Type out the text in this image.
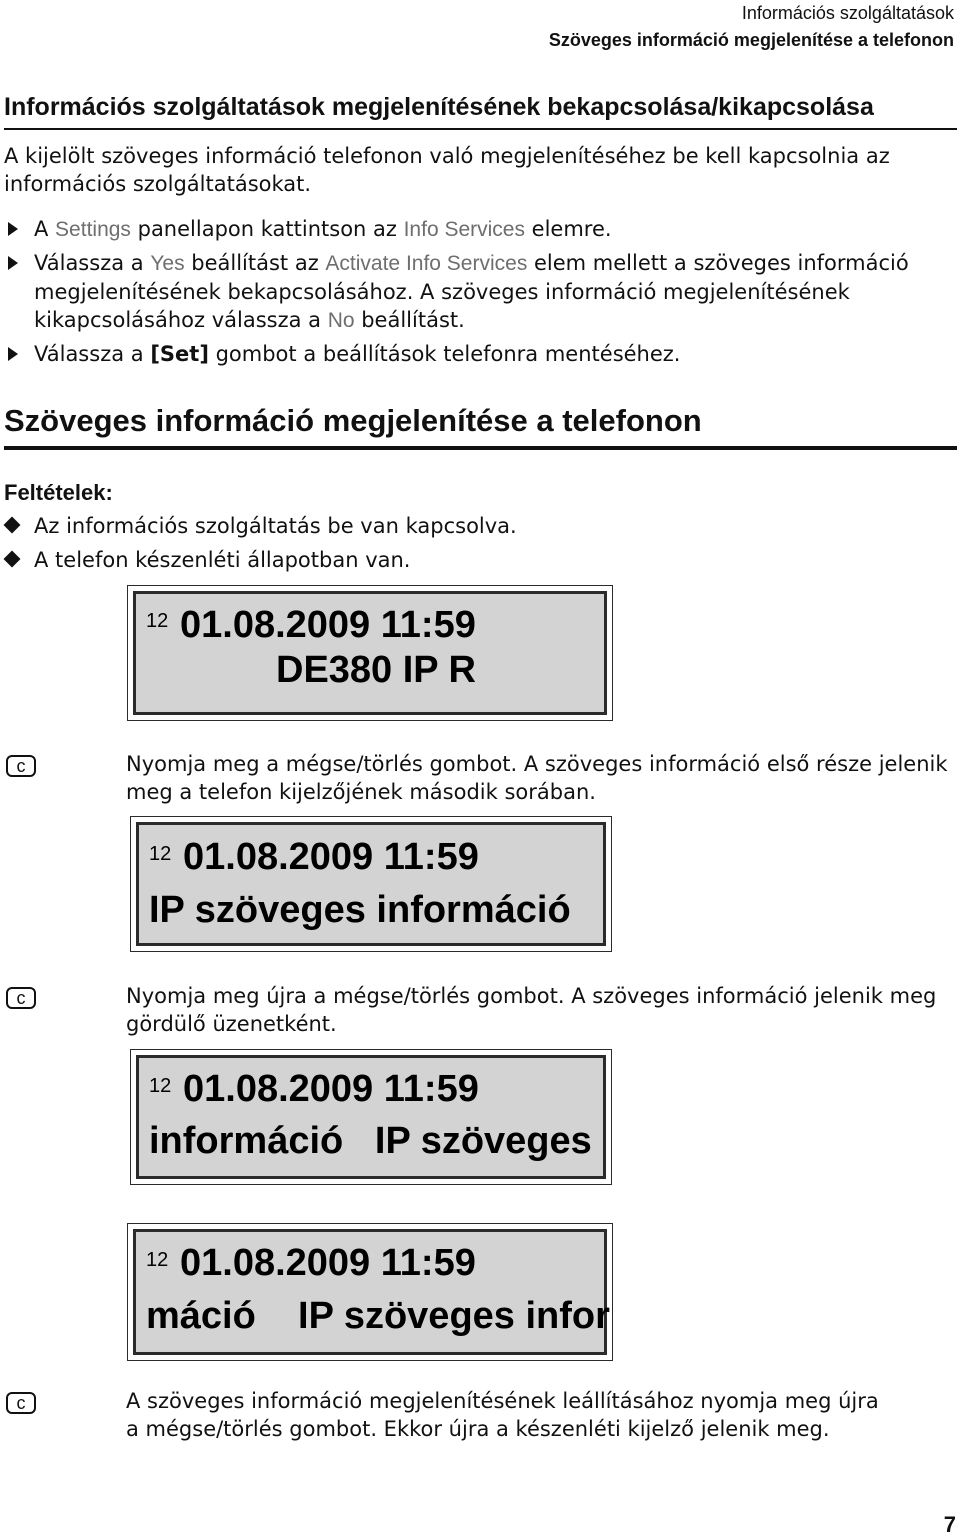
Információs szolgáltatások
Szöveges információ megjelenítése a telefonon
Információs szolgáltatások megjelenítésének bekapcsolása/kikapcsolása
A kijelölt szöveges információ telefonon való megjelenítéséhez be kell kapcsolnia az
információs szolgáltatásokat.
A Settings panellapon kattintson az Info Services elemre.
Válassza a Yes beállítást az Activate Info Services elem mellett a szöveges információ
megjelenítésének bekapcsolásához. A szöveges információ megjelenítésének
kikapcsolásához válassza a No beállítást.
Válassza a [Set] gombot a beállítások telefonra mentéséhez.
Szöveges információ megjelenítése a telefonon
Feltételek:
Az információs szolgáltatás be van kapcsolva.
A telefon készenléti állapotban van.
12 01.08.2009 11:59
DE380 IP R
c	Nyomja meg a mégse/törlés gombot. A szöveges információ első része jelenik
meg a telefon kijelzőjének második sorában.
12 01.08.2009 11:59
IP szöveges információ
c	Nyomja meg újra a mégse/törlés gombot. A szöveges információ jelenik meg
gördülő üzenetként.
12 01.08.2009 11:59
információ   IP szöveges
12 01.08.2009 11:59
máció    IP szöveges infor
c	A szöveges információ megjelenítésének leállításához nyomja meg újra
a mégse/törlés gombot. Ekkor újra a készenléti kijelző jelenik meg.
7
